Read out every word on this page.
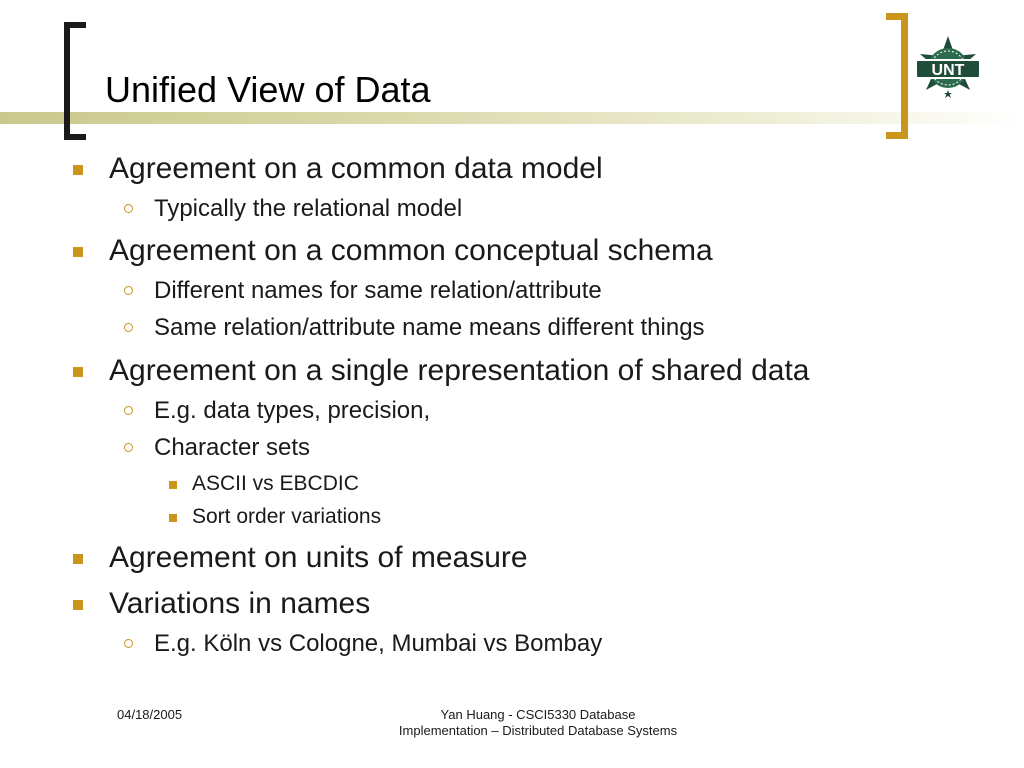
Unified View of Data	UNT
Agreement on a common data model
Typically the relational model
Agreement on a common conceptual schema
Different names for same relation/attribute
Same relation/attribute name means different things
Agreement on a single representation of shared data
E.g. data types, precision,
Character sets
ASCII vs EBCDIC
Sort order variations
Agreement on units of measure
Variations in names
E.g. Köln vs Cologne, Mumbai vs Bombay
04/18/2005	Yan Huang - CSCI5330 Database
Implementation – Distributed Database Systems
